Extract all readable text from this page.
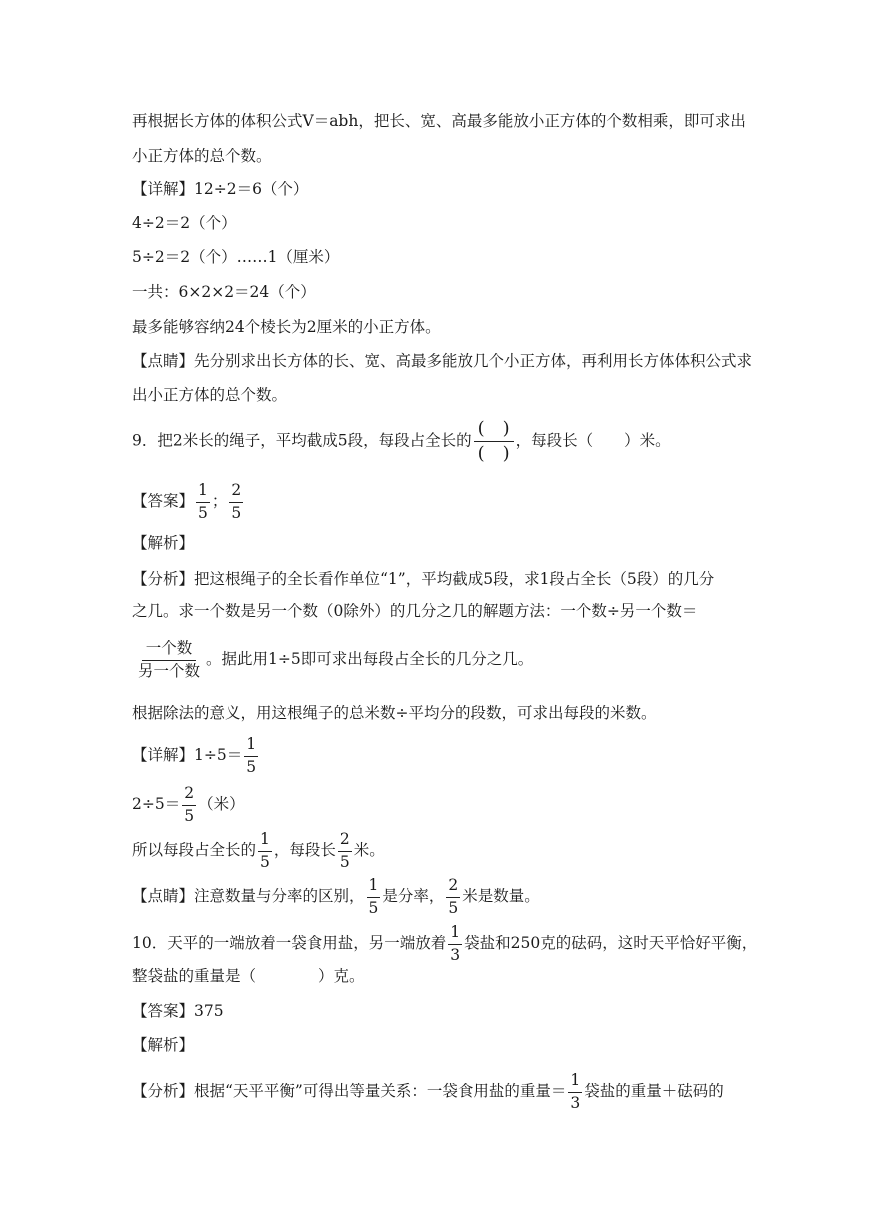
再根据长方体的体积公式V＝abh，把长、宽、高最多能放小正方体的个数相乘，即可求出
小正方体的总个数。
【详解】12÷2＝6（个）
4÷2＝2（个）
5÷2＝2（个）……1（厘米）
一共：6×2×2＝24（个）
最多能够容纳24个棱长为2厘米的小正方体。
【点睛】先分别求出长方体的长、宽、高最多能放几个小正方体，再利用长方体体积公式求
出小正方体的总个数。
9．把2米长的绳子，平均截成5段，每段占全长的 $\frac{( )}{( )}$ ，每段长（　　）米。
【答案】 $\frac{1}{5}$ ； $\frac{2}{5}$
【解析】
【分析】把这根绳子的全长看作单位“1”，平均截成5段，求1段占全长（5段）的几分
之几。求一个数是另一个数（0除外）的几分之几的解题方法：一个数÷另一个数＝
$\frac{\text{一个数}}{\text{另一个数}}$ 。据此用1÷5即可求出每段占全长的几分之几。
根据除法的意义，用这根绳子的总米数÷平均分的段数，可求出每段的米数。
【详解】$1\div 5= \frac{1}{5}$
$2\div 5= \frac{2}{5}$ （米）
所以每段占全长的 $\frac{1}{5}$ ，每段长 $\frac{2}{5}$ 米。
【点睛】注意数量与分率的区别， $\frac{1}{5}$ 是分率， $\frac{2}{5}$ 米是数量。
10．天平的一端放着一袋食用盐，另一端放着 $\frac{1}{3}$ 袋盐和250克的砝码，这时天平恰好平衡，
整袋盐的重量是（　　　　）克。
【答案】375
【解析】
【分析】根据“天平平衡”可得出等量关系：一袋食用盐的重量＝ $\frac{1}{3}$ 袋盐的重量＋砝码的
